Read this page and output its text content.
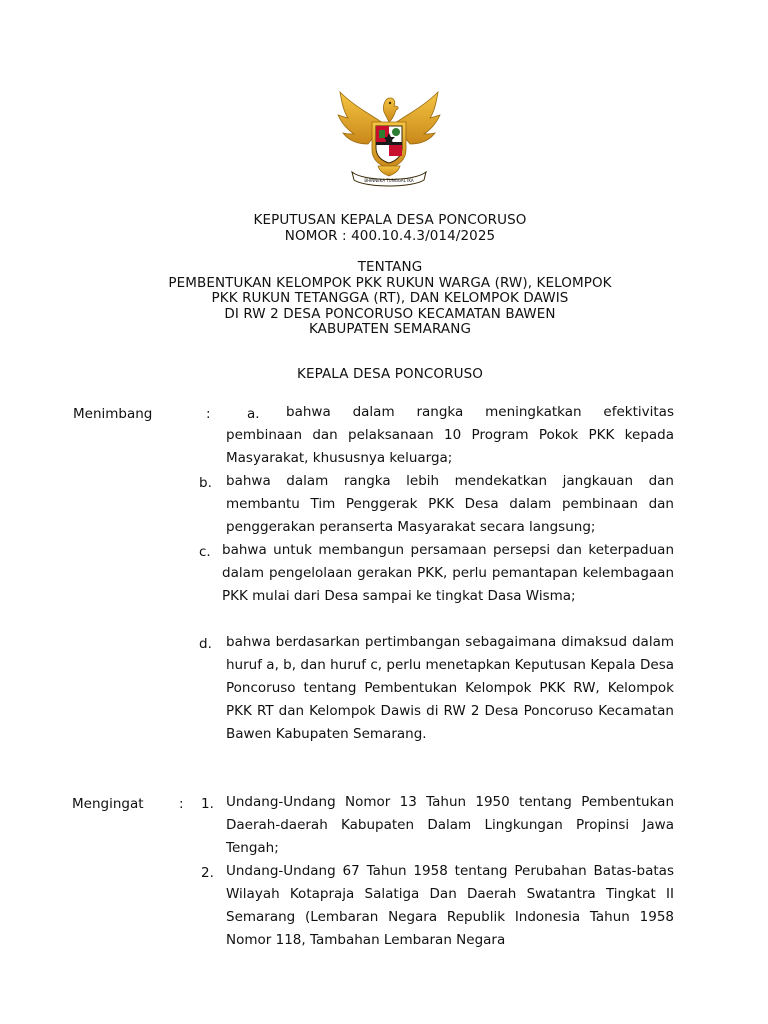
BHINNEKA TUNGGAL IKA
KEPUTUSAN KEPALA DESA PONCORUSO
NOMOR : 400.10.4.3/014/2025
TENTANG
PEMBENTUKAN KELOMPOK PKK RUKUN WARGA (RW), KELOMPOK
PKK RUKUN TETANGGA (RT), DAN KELOMPOK DAWIS
DI RW 2 DESA PONCORUSO KECAMATAN BAWEN
KABUPATEN SEMARANG
KEPALA DESA PONCORUSO
Menimbang	:	a. bahwa dalam rangka meningkatkan efektivitas
pembinaan dan pelaksanaan 10 Program Pokok PKK kepada Masyarakat, khususnya keluarga;
b. bahwa dalam rangka lebih mendekatkan jangkauan dan membantu Tim Penggerak PKK Desa dalam pembinaan dan penggerakan peranserta Masyarakat secara langsung;
c. bahwa untuk membangun persamaan persepsi dan keterpaduan dalam pengelolaan gerakan PKK, perlu pemantapan kelembagaan PKK mulai dari Desa sampai ke tingkat Dasa Wisma;
d. bahwa berdasarkan pertimbangan sebagaimana dimaksud dalam huruf a, b, dan huruf c, perlu menetapkan Keputusan Kepala Desa Poncoruso tentang Pembentukan Kelompok PKK RW, Kelompok PKK RT dan Kelompok Dawis di RW 2 Desa Poncoruso Kecamatan Bawen Kabupaten Semarang.
Mengingat	: 1. Undang-Undang Nomor 13 Tahun 1950 tentang Pembentukan Daerah-daerah Kabupaten Dalam Lingkungan Propinsi Jawa Tengah;
2. Undang-Undang 67 Tahun 1958 tentang Perubahan Batas-batas Wilayah Kotapraja Salatiga Dan Daerah Swatantra Tingkat II Semarang (Lembaran Negara Republik Indonesia Tahun 1958 Nomor 118, Tambahan Lembaran Negara
